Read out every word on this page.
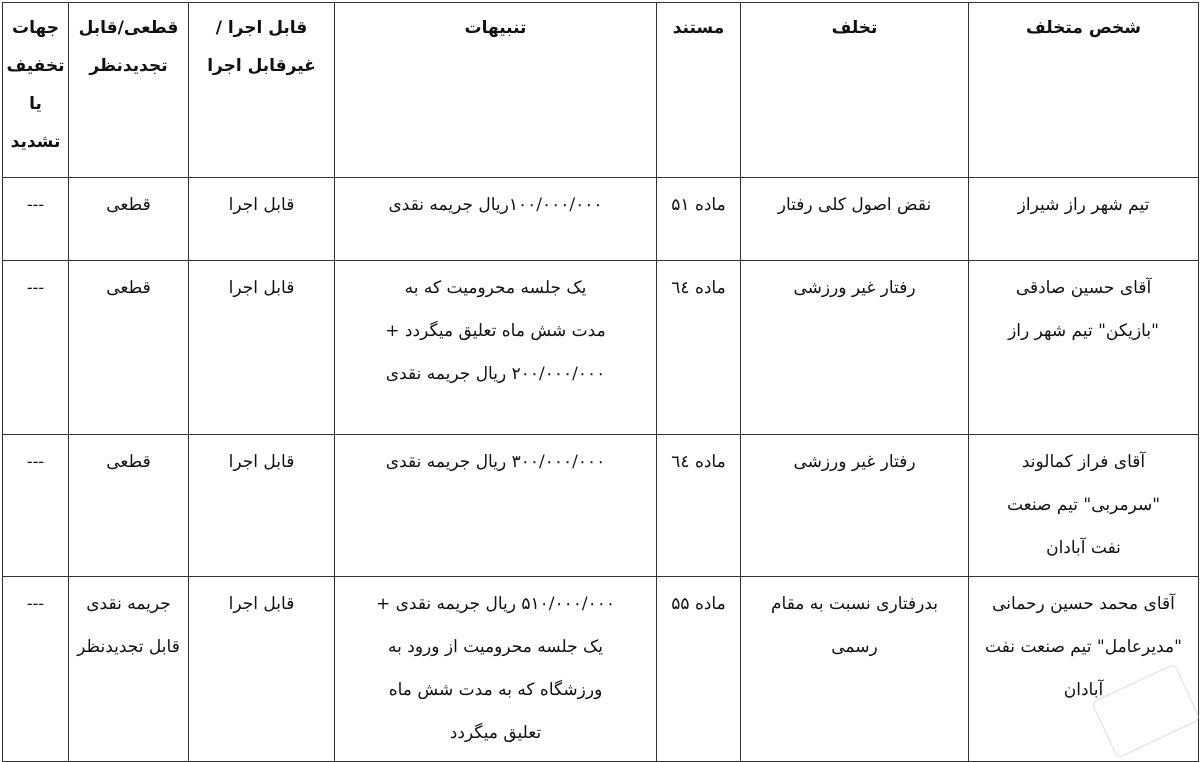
شخص متخلف	تخلف	مستند	تنبیهات	قابل اجرا /غیرقابل اجرا	قطعی/قابل تجدیدنظر	جهات تخفیف یا تشدید
تیم شهر راز شیراز	نقض اصول کلی رفتار	ماده ۵۱	۱۰۰/۰۰۰/۰۰۰ریال جریمه نقدی	قابل اجرا	قطعی	---
آقای حسین صادقی "بازیکن" تیم شهر راز	رفتار غیر ورزشی	ماده ٦٤	یک جلسه محرومیت که به مدت شش ماه تعلیق میگردد + ۲۰۰/۰۰۰/۰۰۰ ریال جریمه نقدی	قابل اجرا	قطعی	---
آقای فراز کمالوند "سرمربی" تیم صنعت نفت آبادان	رفتار غیر ورزشی	ماده ٦٤	۳۰۰/۰۰۰/۰۰۰ ریال جریمه نقدی	قابل اجرا	قطعی	---
آقای محمد حسین رحمانی "مدیرعامل" تیم صنعت نفت آبادان	بدرفتاری نسبت به مقام رسمی	ماده ۵۵	۵۱۰/۰۰۰/۰۰۰ ریال جریمه نقدی + یک جلسه محرومیت از ورود به ورزشگاه که به مدت شش ماه تعلیق میگردد	قابل اجرا	جریمه نقدی قابل تجدیدنظر	---
